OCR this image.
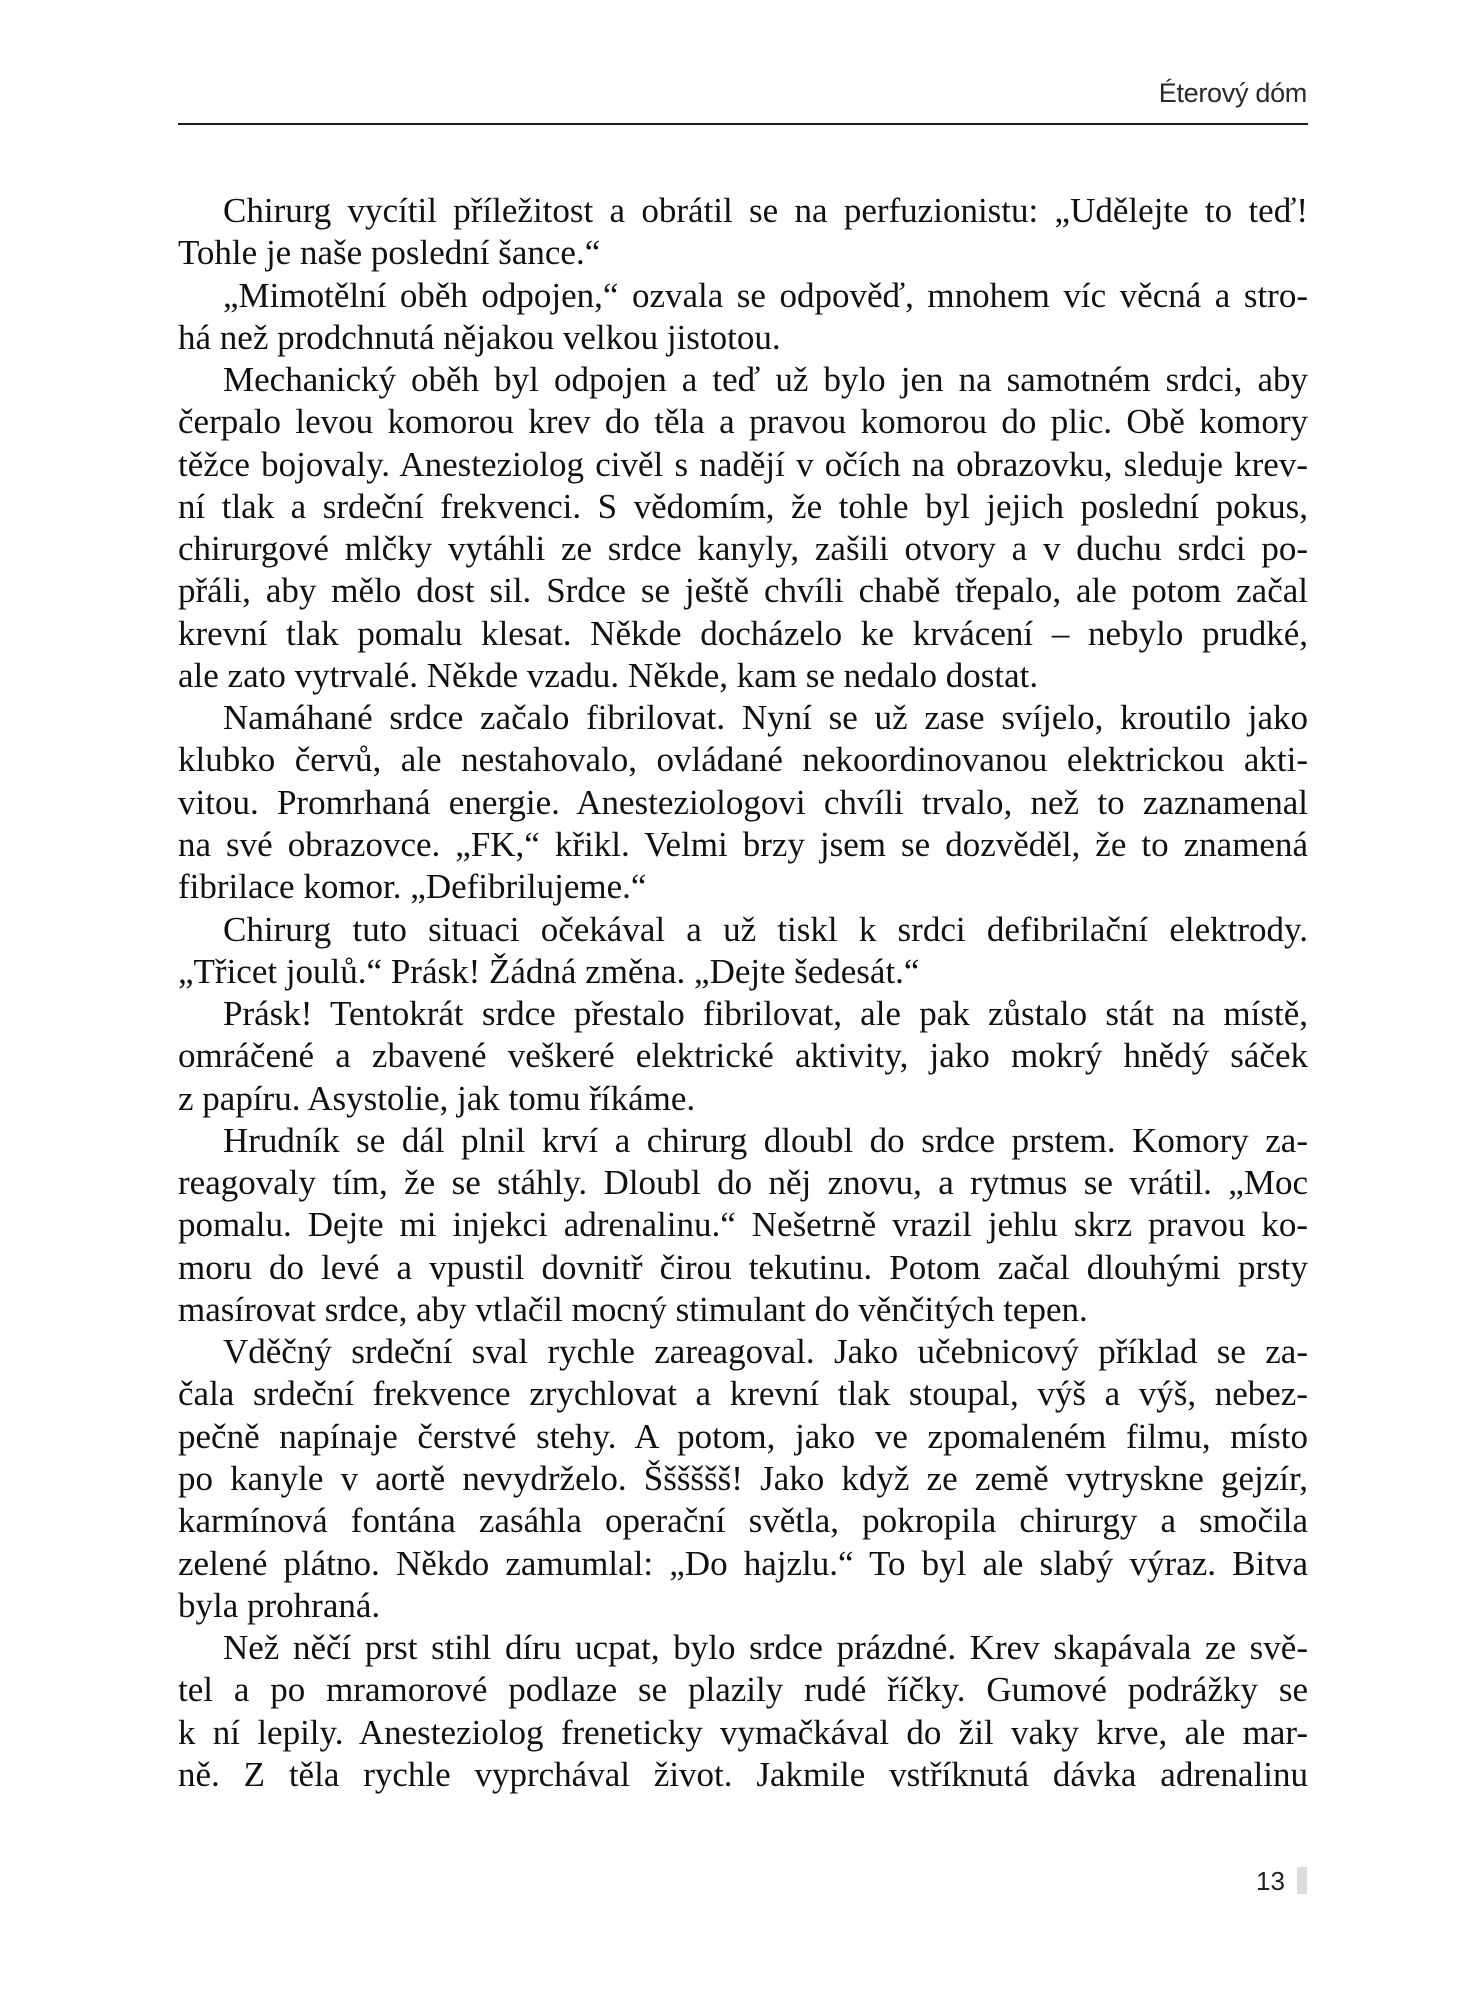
Éterový dóm
Chirurg vycítil příležitost a obrátil se na perfuzionistu: „Udělejte to teď!
Tohle je naše poslední šance.“
„Mimotělní oběh odpojen,“ ozvala se odpověď, mnohem víc věcná a stro-
há než prodchnutá nějakou velkou jistotou.
Mechanický oběh byl odpojen a teď už bylo jen na samotném srdci, aby
čerpalo levou komorou krev do těla a pravou komorou do plic. Obě komory
těžce bojovaly. Anesteziolog civěl s nadějí v očích na obrazovku, sleduje krev-
ní tlak a srdeční frekvenci. S vědomím, že tohle byl jejich poslední pokus,
chirurgové mlčky vytáhli ze srdce kanyly, zašili otvory a v duchu srdci po-
přáli, aby mělo dost sil. Srdce se ještě chvíli chabě třepalo, ale potom začal
krevní tlak pomalu klesat. Někde docházelo ke krvácení – nebylo prudké,
ale zato vytrvalé. Někde vzadu. Někde, kam se nedalo dostat.
Namáhané srdce začalo fibrilovat. Nyní se už zase svíjelo, kroutilo jako
klubko červů, ale nestahovalo, ovládané nekoordinovanou elektrickou akti-
vitou. Promrhaná energie. Anesteziologovi chvíli trvalo, než to zaznamenal
na své obrazovce. „FK,“ křikl. Velmi brzy jsem se dozvěděl, že to znamená
fibrilace komor. „Defibrilujeme.“
Chirurg tuto situaci očekával a už tiskl k srdci defibrilační elektrody.
„Třicet joulů.“ Prásk! Žádná změna. „Dejte šedesát.“
Prásk! Tentokrát srdce přestalo fibrilovat, ale pak zůstalo stát na místě,
omráčené a zbavené veškeré elektrické aktivity, jako mokrý hnědý sáček
z papíru. Asystolie, jak tomu říkáme.
Hrudník se dál plnil krví a chirurg dloubl do srdce prstem. Komory za-
reagovaly tím, že se stáhly. Dloubl do něj znovu, a rytmus se vrátil. „Moc
pomalu. Dejte mi injekci adrenalinu.“ Nešetrně vrazil jehlu skrz pravou ko-
moru do levé a vpustil dovnitř čirou tekutinu. Potom začal dlouhými prsty
masírovat srdce, aby vtlačil mocný stimulant do věnčitých tepen.
Vděčný srdeční sval rychle zareagoval. Jako učebnicový příklad se za-
čala srdeční frekvence zrychlovat a krevní tlak stoupal, výš a výš, nebez-
pečně napínaje čerstvé stehy. A potom, jako ve zpomaleném filmu, místo
po kanyle v aortě nevydrželo. Šššššš! Jako když ze země vytryskne gejzír,
karmínová fontána zasáhla operační světla, pokropila chirurgy a smočila
zelené plátno. Někdo zamumlal: „Do hajzlu.“ To byl ale slabý výraz. Bitva
byla prohraná.
Než něčí prst stihl díru ucpat, bylo srdce prázdné. Krev skapávala ze svě-
tel a po mramorové podlaze se plazily rudé říčky. Gumové podrážky se
k ní lepily. Anesteziolog freneticky vymačkával do žil vaky krve, ale mar-
ně. Z těla rychle vyprchával život. Jakmile vstříknutá dávka adrenalinu
13
